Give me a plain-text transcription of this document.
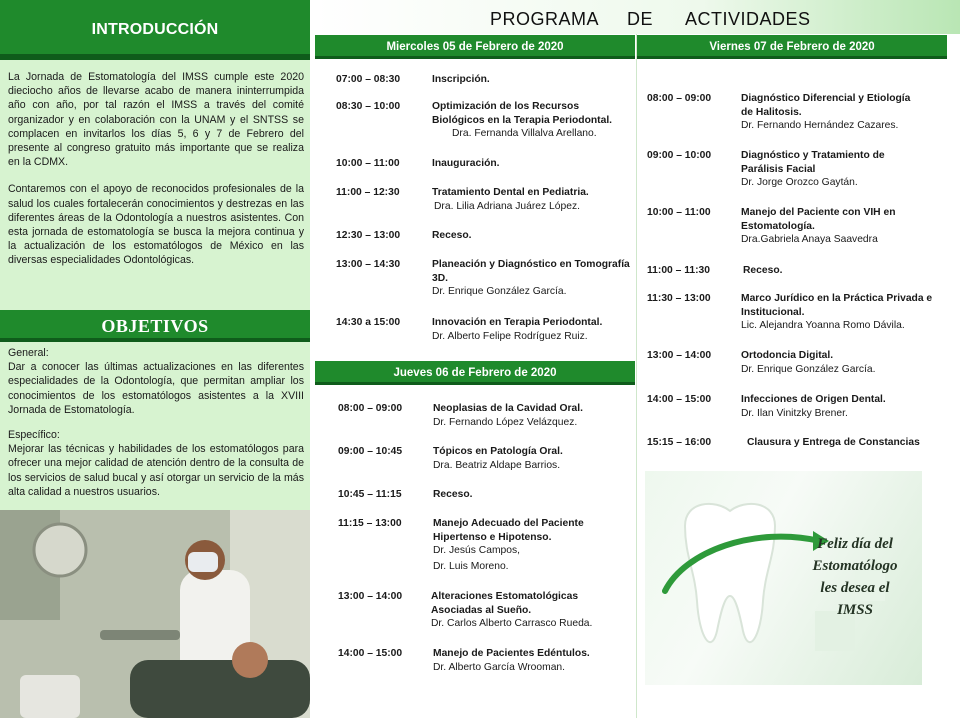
INTRODUCCIÓN

La Jornada de Estomatología del IMSS cumple este 2020 dieciocho años de llevarse acabo de manera ininterrumpida año con año, por tal razón el IMSS a través del comité organizador y en colaboración con la UNAM y el SNTSS se complacen en invitarlos los días 5, 6 y 7 de Febrero del presente al congreso gratuito más importante que se realiza en la CDMX.

Contaremos con el apoyo de reconocidos profesionales de la salud los cuales fortalecerán conocimientos y destrezas en las diferentes áreas de la Odontología a nuestros asistentes. Con esta jornada de estomatología se busca la mejora continua y la actualización de los estomatólogos de México en las diversas especialidades Odontológicas.

OBJETIVOS

General:
Dar a conocer las últimas actualizaciones en las diferentes especialidades de la Odontología, que permitan ampliar los conocimientos de los estomatólogos asistentes a la XVIII Jornada de Estomatología.

Específico:
Mejorar las técnicas y habilidades de los estomatólogos para ofrecer una mejor calidad de atención dentro de la consulta de los servicios de salud bucal y así otorgar un servicio de la más alta calidad a nuestros usuarios.

PROGRAMA DE ACTIVIDADES
Miercoles 05 de Febrero de 2020	Viernes 07 de Febrero de 2020
Jueves 06 de Febrero de 2020
07:00 – 08:30	Inscripción.
08:30 – 10:00	Optimización de los Recursos Biológicos en la Terapia Periodontal.
Dra. Fernanda Villalva Arellano.
10:00 – 11:00	Inauguración.
11:00 – 12:30	Tratamiento Dental en Pediatria.
Dra. Lilia Adriana Juárez López.
12:30 – 13:00	Receso.
13:00 – 14:30	Planeación y Diagnóstico en Tomografía 3D.
Dr. Enrique González García.
14:30 a 15:00	Innovación en Terapia Periodontal.
Dr. Alberto Felipe Rodríguez Ruiz.
08:00 – 09:00	Neoplasias de la Cavidad Oral.
Dr. Fernando López Velázquez.
09:00 – 10:45	Tópicos en Patología Oral.
Dra. Beatriz Aldape Barrios.
10:45 – 11:15	Receso.
11:15 – 13:00	Manejo Adecuado del Paciente Hipertenso e Hipotenso.
Dr. Jesús Campos,
Dr. Luis Moreno.
13:00 – 14:00	Alteraciones Estomatológicas Asociadas al Sueño.
Dr. Carlos Alberto Carrasco Rueda.
14:00 – 15:00	Manejo de Pacientes Edéntulos.
Dr. Alberto García Wrooman.
08:00 – 09:00	Diagnóstico Diferencial y Etiología de Halitosis.
Dr. Fernando Hernández Cazares.
09:00 – 10:00	Diagnóstico y Tratamiento de Parálisis Facial
Dr. Jorge Orozco Gaytán.
10:00 – 11:00	Manejo del Paciente con VIH en Estomatología.
Dra.Gabriela Anaya Saavedra
11:00 – 11:30	Receso.
11:30 – 13:00	Marco Jurídico en la Práctica Privada e Institucional.
Lic. Alejandra Yoanna Romo Dávila.
13:00 – 14:00	Ortodoncia Digital.
Dr. Enrique González García.
14:00 – 15:00	Infecciones de Origen Dental.
Dr. Ilan Vinitzky Brener.
15:15 – 16:00	Clausura y Entrega de Constancias
Feliz día del
Estomatólogo
les desea el
IMSS
